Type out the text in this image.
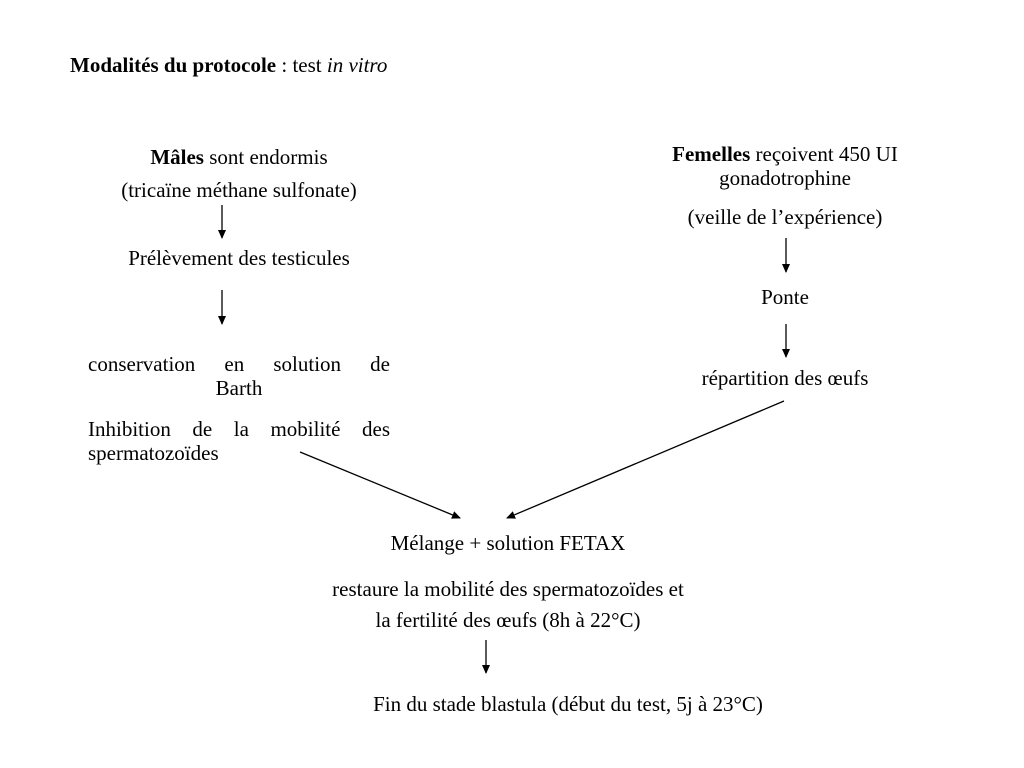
Modalités du protocole : test in vitro
Mâles sont endormis
(tricaïne méthane sulfonate)
Prélèvement des testicules
conservation en solution de
Barth
Inhibition de la mobilité des
spermatozoïdes
Femelles reçoivent 450 UI
gonadotrophine
(veille de l’expérience)
Ponte
répartition des œufs
Mélange + solution FETAX
restaure la mobilité des spermatozoïdes et
la fertilité des œufs (8h à 22°C)
Fin du stade blastula (début du test, 5j à 23°C)
